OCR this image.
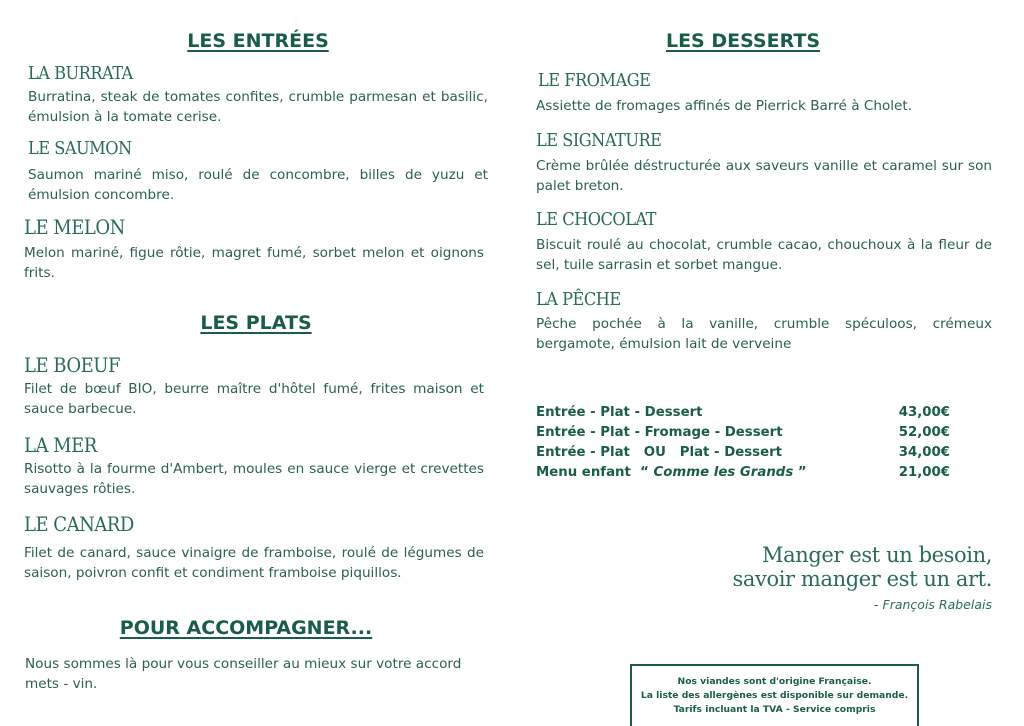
LES ENTRÉES
LA BURRATA

Burratina, steak de tomates confites, crumble parmesan et basilic, émulsion à la tomate cerise.

LE SAUMON

Saumon mariné miso, roulé de concombre, billes de yuzu et émulsion concombre.

LE MELON

Melon mariné, figue rôtie, magret fumé, sorbet melon et oignons frits.

LES PLATS
LE BOEUF

Filet de bœuf BIO, beurre maître d'hôtel fumé, frites maison et sauce barbecue.

LA MER

Risotto à la fourme d'Ambert, moules en sauce vierge et crevettes sauvages rôties.

LE CANARD

Filet de canard, sauce vinaigre de framboise, roulé de légumes de saison, poivron confit et condiment framboise piquillos.

POUR ACCOMPAGNER...

Nous sommes là pour vous conseiller au mieux sur votre accord mets - vin.

LES DESSERTS
LE FROMAGE

Assiette de fromages affinés de Pierrick Barré à Cholet.

LE SIGNATURE

Crème brûlée déstructurée aux saveurs vanille et caramel sur son palet breton.

LE CHOCOLAT

Biscuit roulé au chocolat, crumble cacao, chouchoux à la fleur de sel, tuile sarrasin et sorbet mangue.

LA PÊCHE

Pêche pochée à la vanille, crumble spéculoos, crémeux bergamote, émulsion lait de verveine

Entrée - Plat - Dessert	43,00€
Entrée - Plat - Fromage - Dessert	52,00€
Entrée - Plat   OU   Plat - Dessert	34,00€
Menu enfant  “ Comme les Grands ”	21,00€
Manger est un besoin,
savoir manger est un art.
- François Rabelais
Nos viandes sont d'origine Française.
La liste des allergènes est disponible sur demande.
Tarifs incluant la TVA - Service compris
